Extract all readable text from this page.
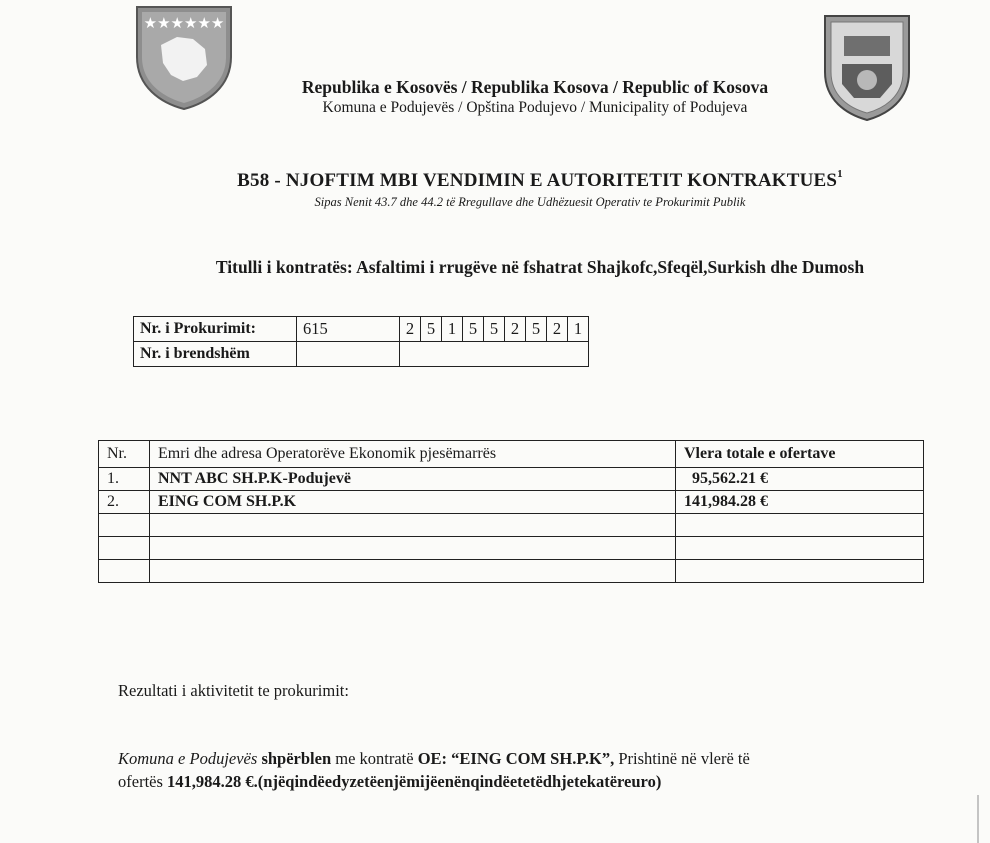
★★★★★★
Republika e Kosovës / Republika Kosova / Republic of Kosova
Komuna e Podujevës / Opština Podujevo / Municipality of Podujeva
B58 - NJOFTIM MBI VENDIMIN E AUTORITETIT KONTRAKTUES$^1$
Sipas Nenit 43.7 dhe 44.2 të Rregullave dhe Udhëzuesit Operativ te Prokurimit Publik
Titulli i kontratës: Asfaltimi i rrugëve në fshatrat Shajkofc,Sfeqël,Surkish dhe Dumosh
Nr. i Prokurimit:	615	2	5	1	5	5	2	5	2	1
Nr. i brendshëm										
Nr.	Emri dhe adresa Operatorëve Ekonomik pjesëmarrës	Vlera totale e ofertave
1.	NNT ABC SH.P.K-Podujevë	95,562.21 €
2.	EING COM SH.P.K	141,984.28 €

Rezultati i aktivitetit te prokurimit:
Komuna e Podujevës shpërblen me kontratë OE: “EING COM SH.P.K”, Prishtinë në vlerë të
ofertës 141,984.28 €.(njëqindëedyzetëenjëmijëenënqindëetetëdhjetekatëreuro)
